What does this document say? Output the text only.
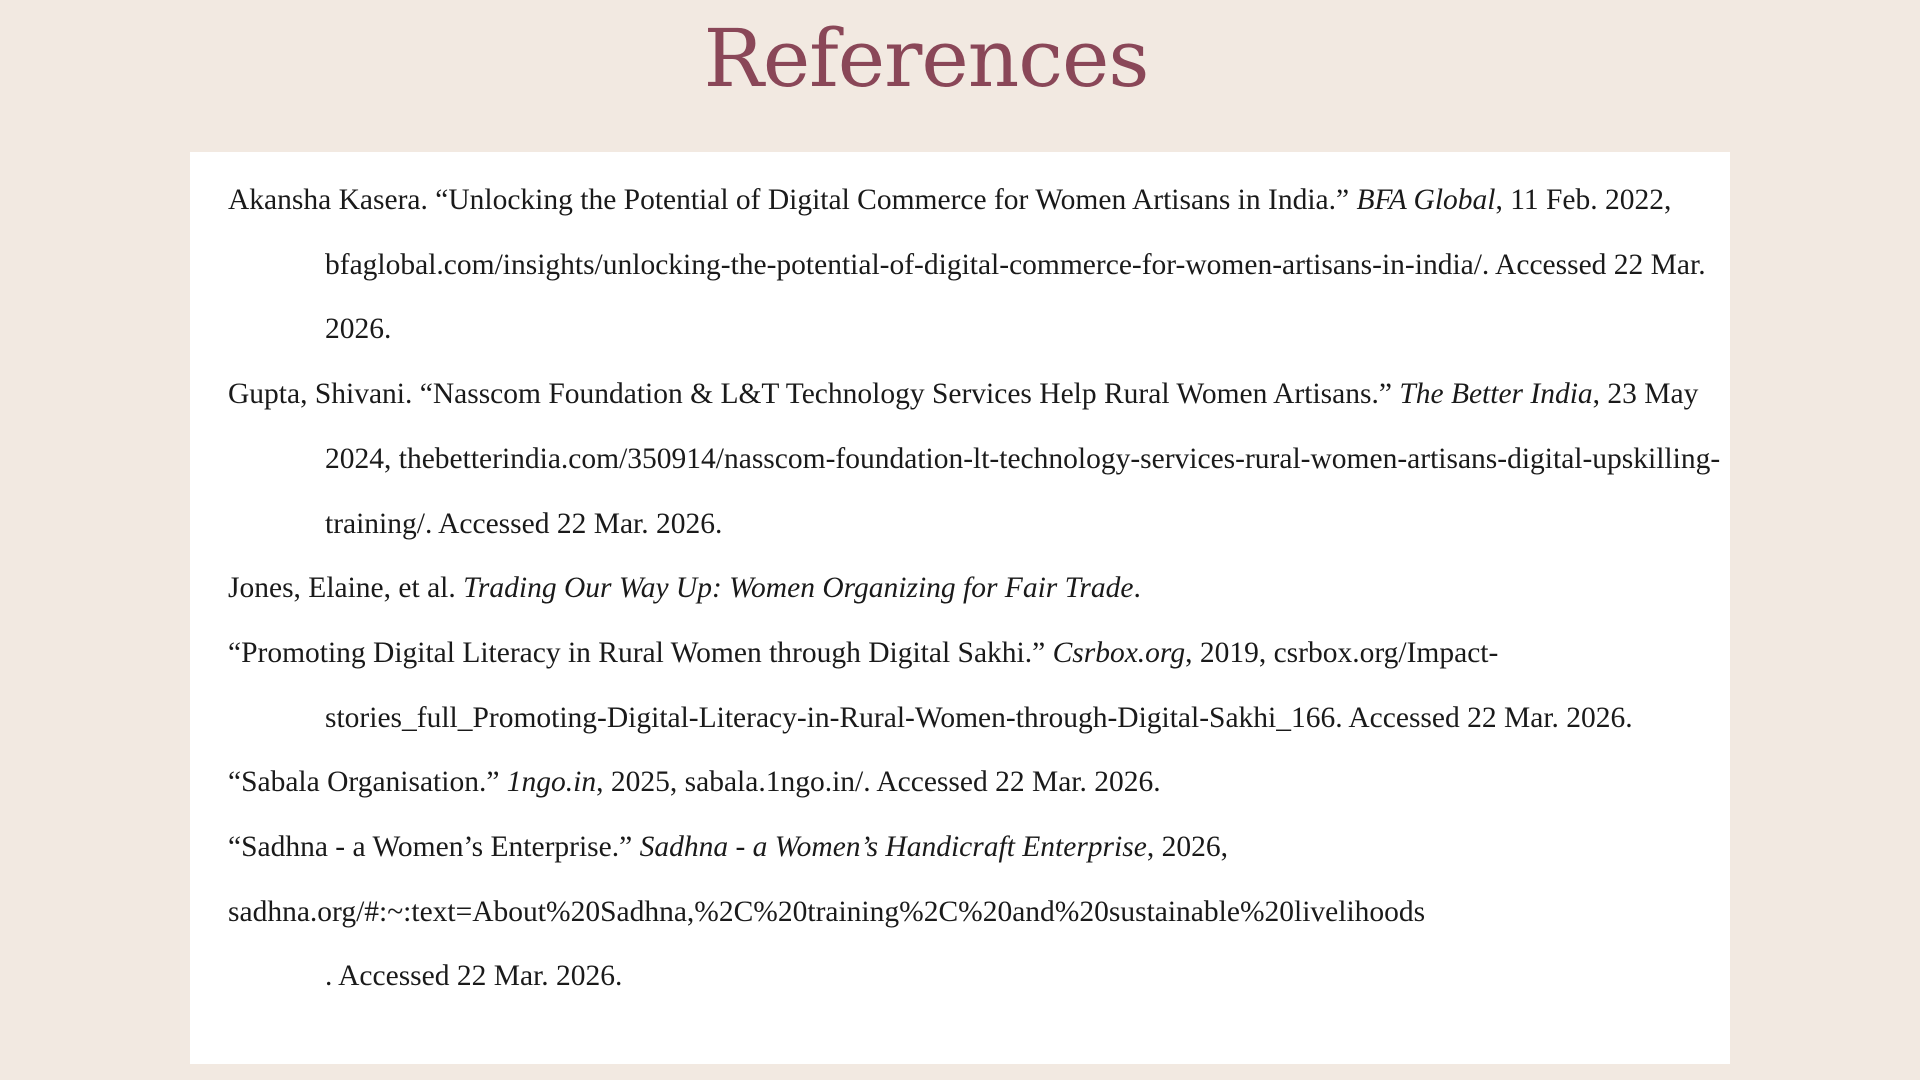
References

Akansha Kasera. “Unlocking the Potential of Digital Commerce for Women Artisans in India.” BFA Global, 11 Feb. 2022, bfaglobal.com/insights/unlocking-the-potential-of-digital-commerce-for-women-artisans-in-india/. Accessed 22 Mar. 2026.

Gupta, Shivani. “Nasscom Foundation & L&T Technology Services Help Rural Women Artisans.” The Better India, 23 May 2024, thebetterindia.com/350914/nasscom-foundation-lt-technology-services-rural-women-artisans-digital-upskilling-training/. Accessed 22 Mar. 2026.

Jones, Elaine, et al. Trading Our Way Up: Women Organizing for Fair Trade.

“Promoting Digital Literacy in Rural Women through Digital Sakhi.” Csrbox.org, 2019, csrbox.org/Impact-stories_full_Promoting-Digital-Literacy-in-Rural-Women-through-Digital-Sakhi_166. Accessed 22 Mar. 2026.

“Sabala Organisation.” 1ngo.in, 2025, sabala.1ngo.in/. Accessed 22 Mar. 2026.

“Sadhna - a Women’s Enterprise.” Sadhna - a Women’s Handicraft Enterprise, 2026,
sadhna.org/#:~:text=About%20Sadhna,%2C%20training%2C%20and%20sustainable%20livelihoods
. Accessed 22 Mar. 2026.
